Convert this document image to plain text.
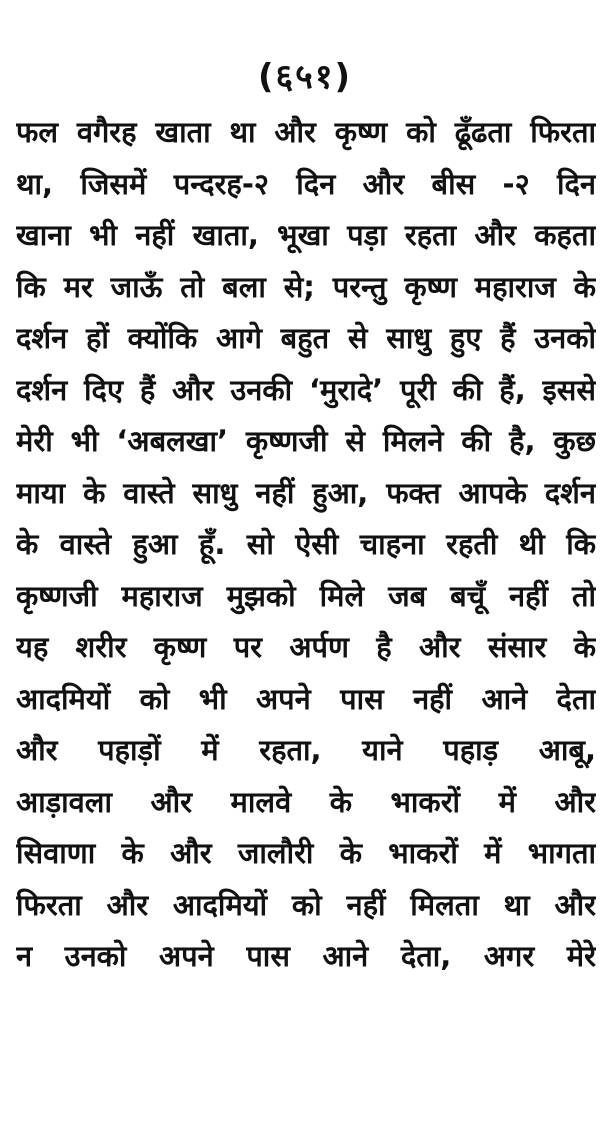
(६५१)
फल वगैरह खाता था और कृष्ण को ढूँढता फिरता
था, जिसमें पन्दरह-२ दिन और बीस -२ दिन
खाना भी नहीं खाता, भूखा पड़ा रहता और कहता
कि मर जाऊँ तो बला से; परन्तु कृष्ण महाराज के
दर्शन हों क्योंकि आगे बहुत से साधु हुए हैं उनको
दर्शन दिए हैं और उनकी ‘मुरादे’ पूरी की हैं, इससे
मेरी भी ‘अबलखा’ कृष्णजी से मिलने की है, कुछ
माया के वास्ते साधु नहीं हुआ, फक्त आपके दर्शन
के वास्ते हुआ हूँ. सो ऐसी चाहना रहती थी कि
कृष्णजी महाराज मुझको मिले जब बचूँ नहीं तो
यह शरीर कृष्ण पर अर्पण है और संसार के
आदमियों को भी अपने पास नहीं आने देता
और पहाड़ों में रहता, याने पहाड़ आबू,
आड़ावला और मालवे के भाकरों में और
सिवाणा के और जालौरी के भाकरों में भागता
फिरता और आदमियों को नहीं मिलता था और
न उनको अपने पास आने देता, अगर मेरे
